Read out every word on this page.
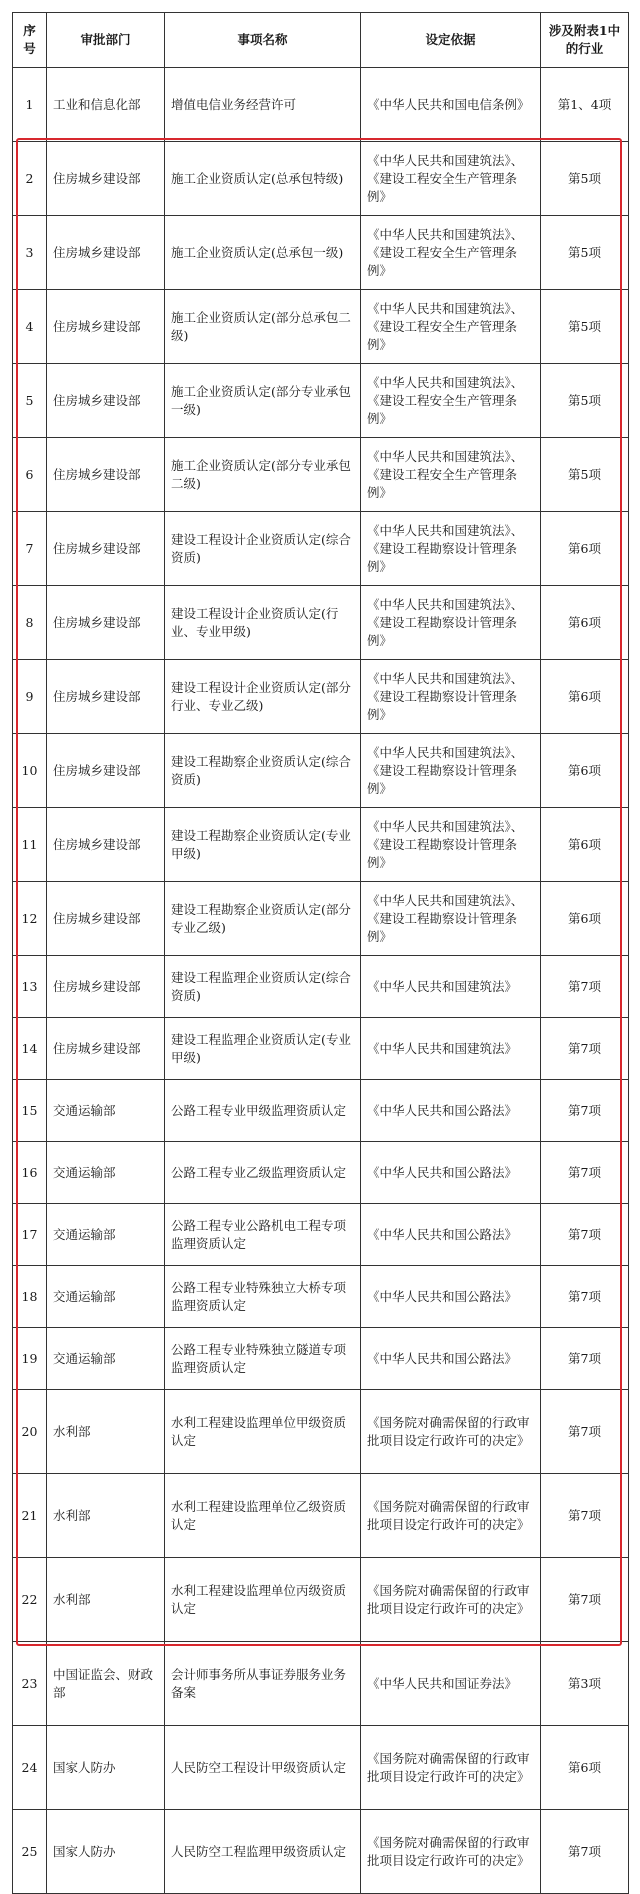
序号	审批部门	事项名称	设定依据	涉及附表1中的行业
1	工业和信息化部	增值电信业务经营许可	《中华人民共和国电信条例》	第1、4项
2	住房城乡建设部	施工企业资质认定(总承包特级)	《中华人民共和国建筑法》、《建设工程安全生产管理条例》	第5项
3	住房城乡建设部	施工企业资质认定(总承包一级)	《中华人民共和国建筑法》、《建设工程安全生产管理条例》	第5项
4	住房城乡建设部	施工企业资质认定(部分总承包二级)	《中华人民共和国建筑法》、《建设工程安全生产管理条例》	第5项
5	住房城乡建设部	施工企业资质认定(部分专业承包一级)	《中华人民共和国建筑法》、《建设工程安全生产管理条例》	第5项
6	住房城乡建设部	施工企业资质认定(部分专业承包二级)	《中华人民共和国建筑法》、《建设工程安全生产管理条例》	第5项
7	住房城乡建设部	建设工程设计企业资质认定(综合资质)	《中华人民共和国建筑法》、《建设工程勘察设计管理条例》	第6项
8	住房城乡建设部	建设工程设计企业资质认定(行业、专业甲级)	《中华人民共和国建筑法》、《建设工程勘察设计管理条例》	第6项
9	住房城乡建设部	建设工程设计企业资质认定(部分行业、专业乙级)	《中华人民共和国建筑法》、《建设工程勘察设计管理条例》	第6项
10	住房城乡建设部	建设工程勘察企业资质认定(综合资质)	《中华人民共和国建筑法》、《建设工程勘察设计管理条例》	第6项
11	住房城乡建设部	建设工程勘察企业资质认定(专业甲级)	《中华人民共和国建筑法》、《建设工程勘察设计管理条例》	第6项
12	住房城乡建设部	建设工程勘察企业资质认定(部分专业乙级)	《中华人民共和国建筑法》、《建设工程勘察设计管理条例》	第6项
13	住房城乡建设部	建设工程监理企业资质认定(综合资质)	《中华人民共和国建筑法》	第7项
14	住房城乡建设部	建设工程监理企业资质认定(专业甲级)	《中华人民共和国建筑法》	第7项
15	交通运输部	公路工程专业甲级监理资质认定	《中华人民共和国公路法》	第7项
16	交通运输部	公路工程专业乙级监理资质认定	《中华人民共和国公路法》	第7项
17	交通运输部	公路工程专业公路机电工程专项监理资质认定	《中华人民共和国公路法》	第7项
18	交通运输部	公路工程专业特殊独立大桥专项监理资质认定	《中华人民共和国公路法》	第7项
19	交通运输部	公路工程专业特殊独立隧道专项监理资质认定	《中华人民共和国公路法》	第7项
20	水利部	水利工程建设监理单位甲级资质认定	《国务院对确需保留的行政审批项目设定行政许可的决定》	第7项
21	水利部	水利工程建设监理单位乙级资质认定	《国务院对确需保留的行政审批项目设定行政许可的决定》	第7项
22	水利部	水利工程建设监理单位丙级资质认定	《国务院对确需保留的行政审批项目设定行政许可的决定》	第7项
23	中国证监会、财政部	会计师事务所从事证券服务业务备案	《中华人民共和国证券法》	第3项
24	国家人防办	人民防空工程设计甲级资质认定	《国务院对确需保留的行政审批项目设定行政许可的决定》	第6项
25	国家人防办	人民防空工程监理甲级资质认定	《国务院对确需保留的行政审批项目设定行政许可的决定》	第7项
